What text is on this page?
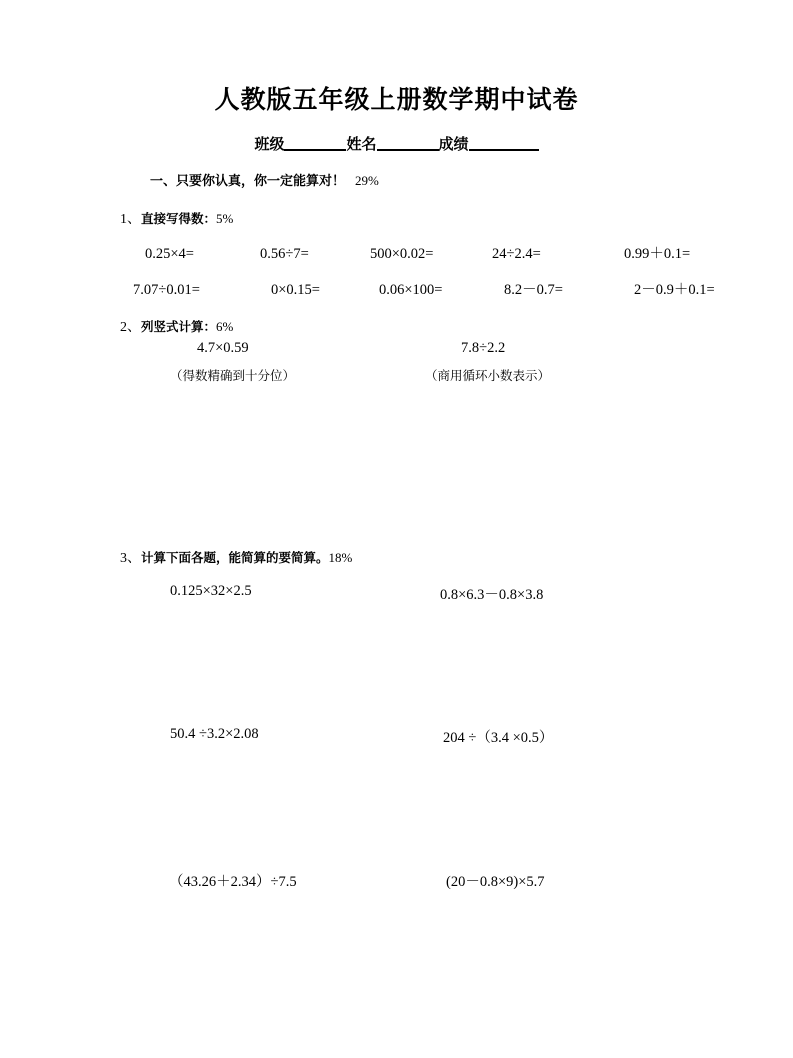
人教版五年级上册数学期中试卷
班级	姓名	成绩
一、只要你认真，你一定能算对！ 29%
1、直接写得数：5%
0.25×4=	0.56÷7=	500×0.02=	24÷2.4=	0.99＋0.1=
7.07÷0.01=	0×0.15=	0.06×100=	8.2－0.7=	2－0.9＋0.1=
2、列竖式计算：6%
4.7×0.59
（得数精确到十分位）
7.8÷2.2
（商用循环小数表示）
3、计算下面各题，能简算的要简算。18%
0.125×32×2.5	0.8×6.3－0.8×3.8
50.4 ÷3.2×2.08	204 ÷（3.4 ×0.5）
（43.26＋2.34）÷7.5	(20－0.8×9)×5.7
